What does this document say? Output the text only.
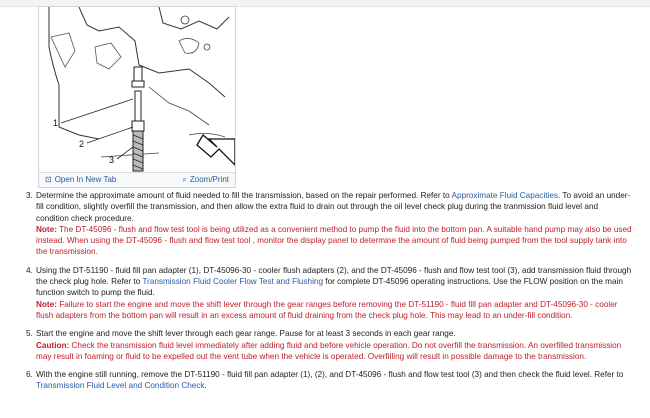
1
2
3
⊡ Open In New Tab	⌕ Zoom/Print
3. Determine the approximate amount of fluid needed to fill the transmission, based on the repair performed. Refer to Approximate Fluid Capacities. To avoid an under-fill condition, slightly overfill the transmission, and then allow the extra fluid to drain out through the oil level check plug during the tranmission fluid level and condition check procedure.
Note: The DT-45096 - flush and flow test tool is being utilized as a convenient method to pump the fluid into the bottom pan. A suitable hand pump may also be used instead. When using the DT-45096 - flush and flow test tool , monitor the display panel to determine the amount of fluid being pumped from the tool supply tank into the transmission.
4. Using the DT-51190 - fluid fill pan adapter (1), DT-45096-30 - cooler flush adapters (2), and the DT-45096 - flush and flow test tool (3), add transmission fluid through the check plug hole. Refer to Transmission Fluid Cooler Flow Test and Flushing for complete DT-45096 operating instructions. Use the FLOW position on the main function switch to pump the fluid.
Note: Failure to start the engine and move the shift lever through the gear ranges before removing the DT-51190 - fluid fill pan adapter and DT-45096-30 - cooler flush adapters from the bottom pan will result in an excess amount of fluid draining from the check plug hole. This may lead to an under-fill condition.
5. Start the engine and move the shift lever through each gear range. Pause for at least 3 seconds in each gear range.
Caution: Check the transmission fluid level immediately after adding fluid and before vehicle operation. Do not overfill the transmission. An overfilled transmission may result in foaming or fluid to be expelled out the vent tube when the vehicle is operated. Overfilling will result in possible damage to the transmission.
6. With the engine still running, remove the DT-51190 - fluid fill pan adapter (1), (2), and DT-45096 - flush and flow test tool (3) and then check the fluid level. Refer to Transmission Fluid Level and Condition Check.
